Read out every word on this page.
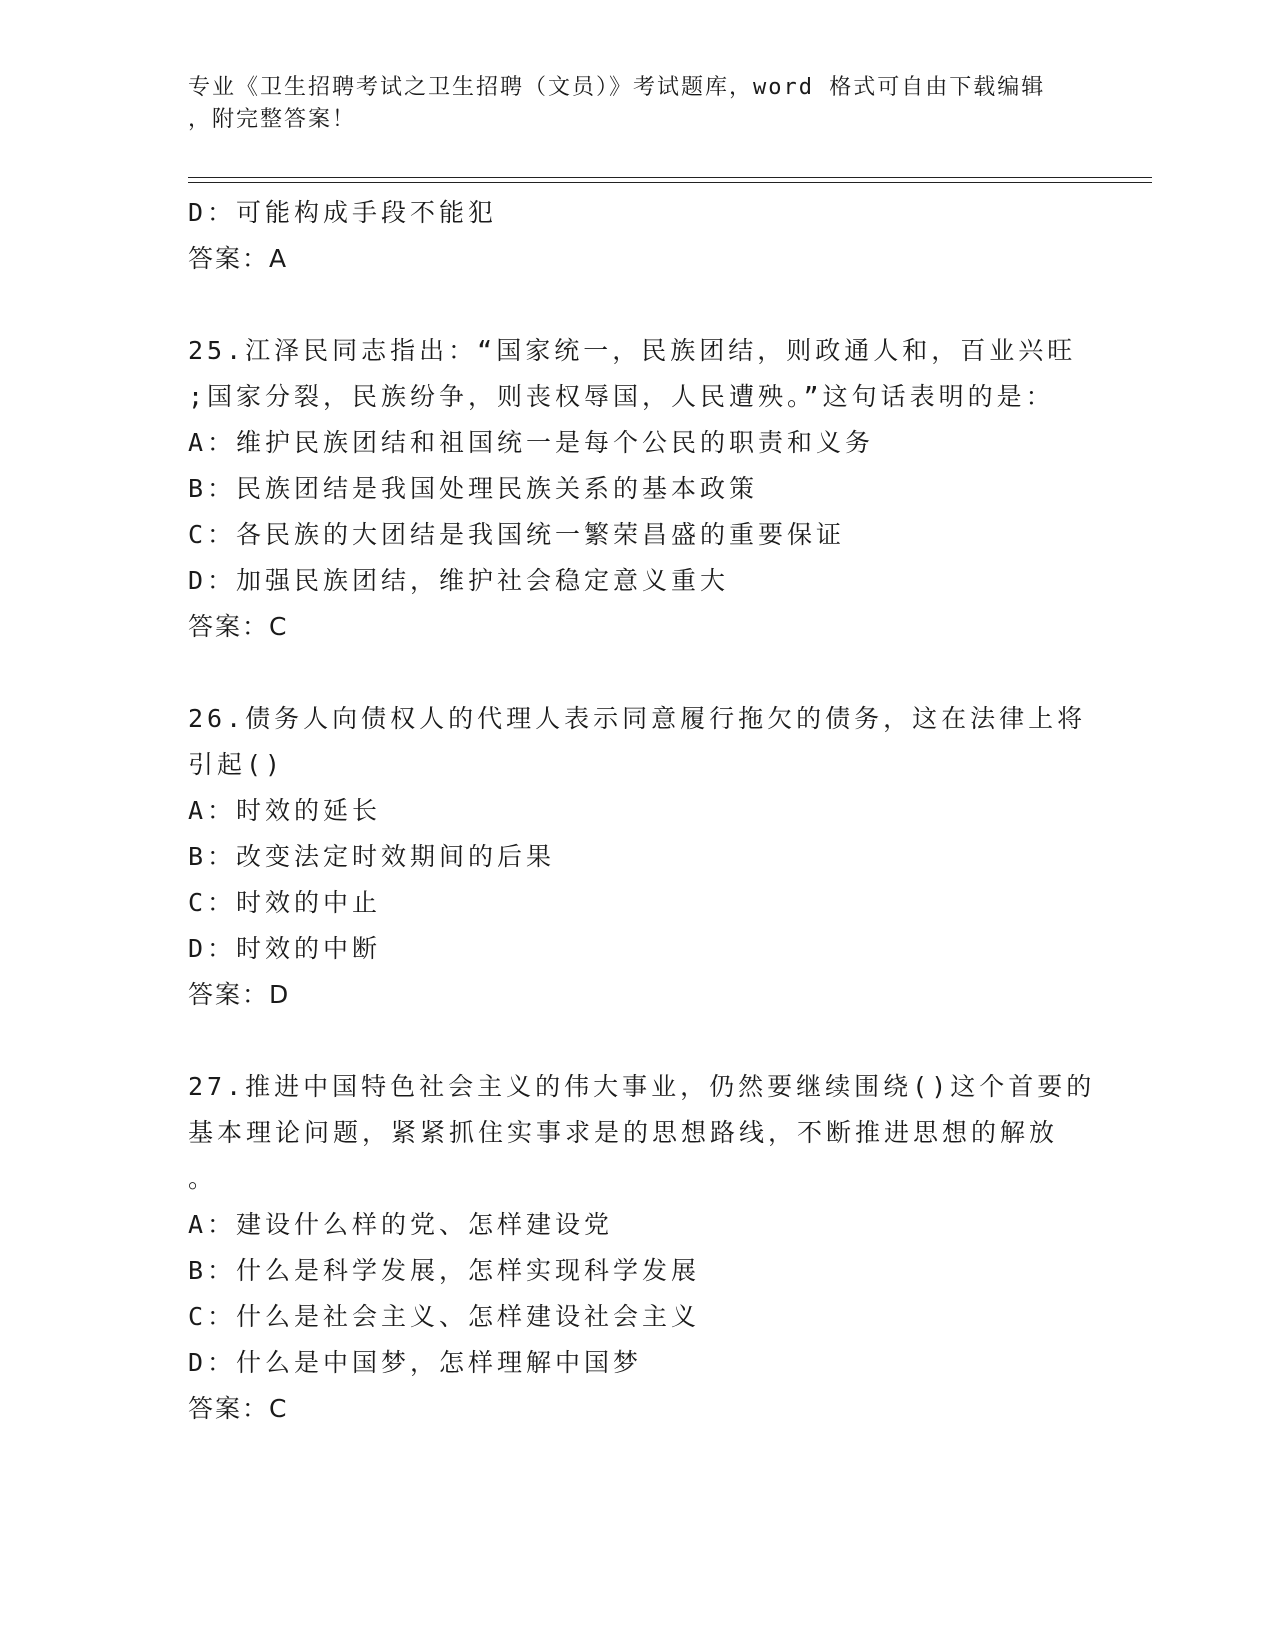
专业《卫生招聘考试之卫生招聘（文员）》考试题库，word 格式可自由下载编辑
，附完整答案！
D：可能构成手段不能犯
答案：A
25.江泽民同志指出：“国家统一，民族团结，则政通人和，百业兴旺
;国家分裂，民族纷争，则丧权辱国，人民遭殃。”这句话表明的是：
A：维护民族团结和祖国统一是每个公民的职责和义务
B：民族团结是我国处理民族关系的基本政策
C：各民族的大团结是我国统一繁荣昌盛的重要保证
D：加强民族团结，维护社会稳定意义重大
答案：C
26.债务人向债权人的代理人表示同意履行拖欠的债务，这在法律上将
引起()
A：时效的延长
B：改变法定时效期间的后果
C：时效的中止
D：时效的中断
答案：D
27.推进中国特色社会主义的伟大事业，仍然要继续围绕()这个首要的
基本理论问题，紧紧抓住实事求是的思想路线，不断推进思想的解放
。
A：建设什么样的党、怎样建设党
B：什么是科学发展，怎样实现科学发展
C：什么是社会主义、怎样建设社会主义
D：什么是中国梦，怎样理解中国梦
答案：C
